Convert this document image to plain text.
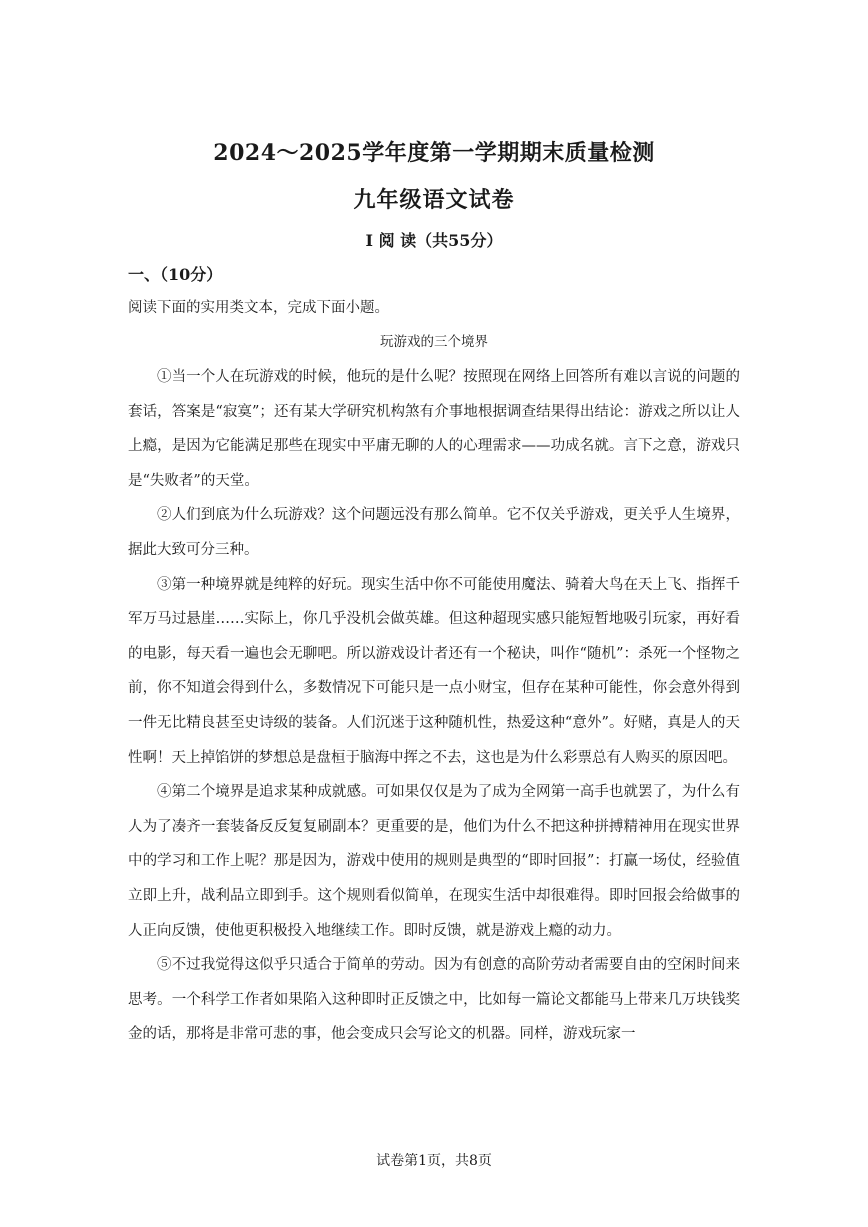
2024～2025学年度第一学期期末质量检测
九年级语文试卷
Ⅰ 阅 读（共55分）
一、（10分）
阅读下面的实用类文本，完成下面小题。
玩游戏的三个境界

①当一个人在玩游戏的时候，他玩的是什么呢？按照现在网络上回答所有难以言说的问题的套话，答案是“寂寞”；还有某大学研究机构煞有介事地根据调查结果得出结论：游戏之所以让人上瘾，是因为它能满足那些在现实中平庸无聊的人的心理需求——功成名就。言下之意，游戏只是“失败者”的天堂。

②人们到底为什么玩游戏？这个问题远没有那么简单。它不仅关乎游戏，更关乎人生境界，据此大致可分三种。

③第一种境界就是纯粹的好玩。现实生活中你不可能使用魔法、骑着大鸟在天上飞、指挥千军万马过悬崖……实际上，你几乎没机会做英雄。但这种超现实感只能短暂地吸引玩家，再好看的电影，每天看一遍也会无聊吧。所以游戏设计者还有一个秘诀，叫作“随机”：杀死一个怪物之前，你不知道会得到什么，多数情况下可能只是一点小财宝，但存在某种可能性，你会意外得到一件无比精良甚至史诗级的装备。人们沉迷于这种随机性，热爱这种“意外”。好赌，真是人的天性啊！天上掉馅饼的梦想总是盘桓于脑海中挥之不去，这也是为什么彩票总有人购买的原因吧。

④第二个境界是追求某种成就感。可如果仅仅是为了成为全网第一高手也就罢了，为什么有人为了凑齐一套装备反反复复刷副本？更重要的是，他们为什么不把这种拼搏精神用在现实世界中的学习和工作上呢？那是因为，游戏中使用的规则是典型的“即时回报”：打赢一场仗，经验值立即上升，战利品立即到手。这个规则看似简单，在现实生活中却很难得。即时回报会给做事的人正向反馈，使他更积极投入地继续工作。即时反馈，就是游戏上瘾的动力。

⑤不过我觉得这似乎只适合于简单的劳动。因为有创意的高阶劳动者需要自由的空闲时间来思考。一个科学工作者如果陷入这种即时正反馈之中，比如每一篇论文都能马上带来几万块钱奖金的话，那将是非常可悲的事，他会变成只会写论文的机器。同样，游戏玩家一

试卷第1页，共8页
